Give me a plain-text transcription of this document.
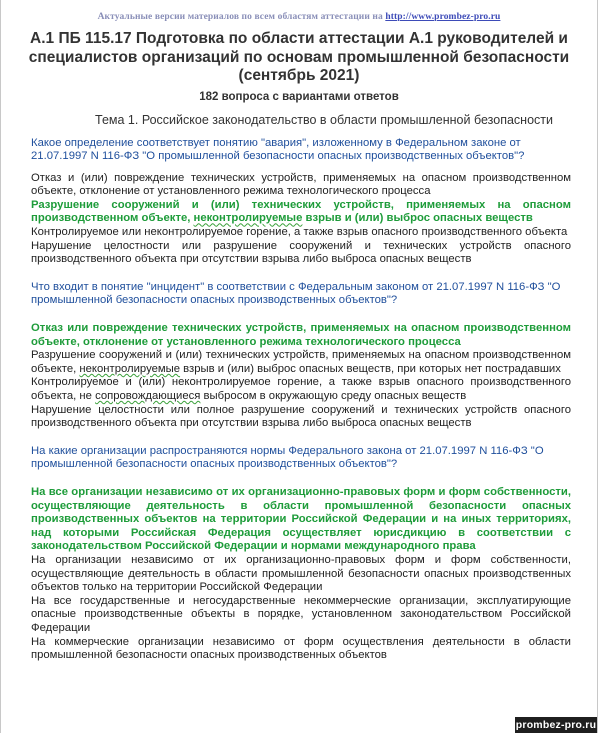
Актуальные версии материалов по всем областям аттестации на http://www.prombez-pro.ru
А.1 ПБ 115.17 Подготовка по области аттестации А.1 руководителей и специалистов организаций по основам промышленной безопасности (сентябрь 2021)
182 вопроса с вариантами ответов
Тема 1. Российское законодательство в области промышленной безопасности
Какое определение соответствует понятию "авария", изложенному в Федеральном законе от 21.07.1997 N 116-ФЗ "О промышленной безопасности опасных производственных объектов"?
Отказ и (или) повреждение технических устройств, применяемых на опасном производственном объекте, отклонение от установленного режима технологического процесса
Разрушение сооружений и (или) технических устройств, применяемых на опасном производственном объекте, неконтролируемые взрыв и (или) выброс опасных веществ
Контролируемое или неконтролируемое горение, а также взрыв опасного производственного объекта
Нарушение целостности или разрушение сооружений и технических устройств опасного производственного объекта при отсутствии взрыва либо выброса опасных веществ
Что входит в понятие "инцидент" в соответствии с Федеральным законом от 21.07.1997 N 116-ФЗ "О промышленной безопасности опасных производственных объектов"?
Отказ или повреждение технических устройств, применяемых на опасном производственном объекте, отклонение от установленного режима технологического процесса
Разрушение сооружений и (или) технических устройств, применяемых на опасном производственном объекте, неконтролируемые взрыв и (или) выброс опасных веществ, при которых нет пострадавших
Контролируемое и (или) неконтролируемое горение, а также взрыв опасного производственного объекта, не сопровождающиеся выбросом в окружающую среду опасных веществ
Нарушение целостности или полное разрушение сооружений и технических устройств опасного производственного объекта при отсутствии взрыва либо выброса опасных веществ
На какие организации распространяются нормы Федерального закона от 21.07.1997 N 116-ФЗ "О промышленной безопасности опасных производственных объектов"?
На все организации независимо от их организационно-правовых форм и форм собственности, осуществляющие деятельность в области промышленной безопасности опасных производственных объектов на территории Российской Федерации и на иных территориях, над которыми Российская Федерация осуществляет юрисдикцию в соответствии с законодательством Российской Федерации и нормами международного права
На организации независимо от их организационно-правовых форм и форм собственности, осуществляющие деятельность в области промышленной безопасности опасных производственных объектов только на территории Российской Федерации
На все государственные и негосударственные некоммерческие организации, эксплуатирующие опасные производственные объекты в порядке, установленном законодательством Российской Федерации
На коммерческие организации независимо от форм осуществления деятельности в области промышленной безопасности опасных производственных объектов
prombez-pro.ru
